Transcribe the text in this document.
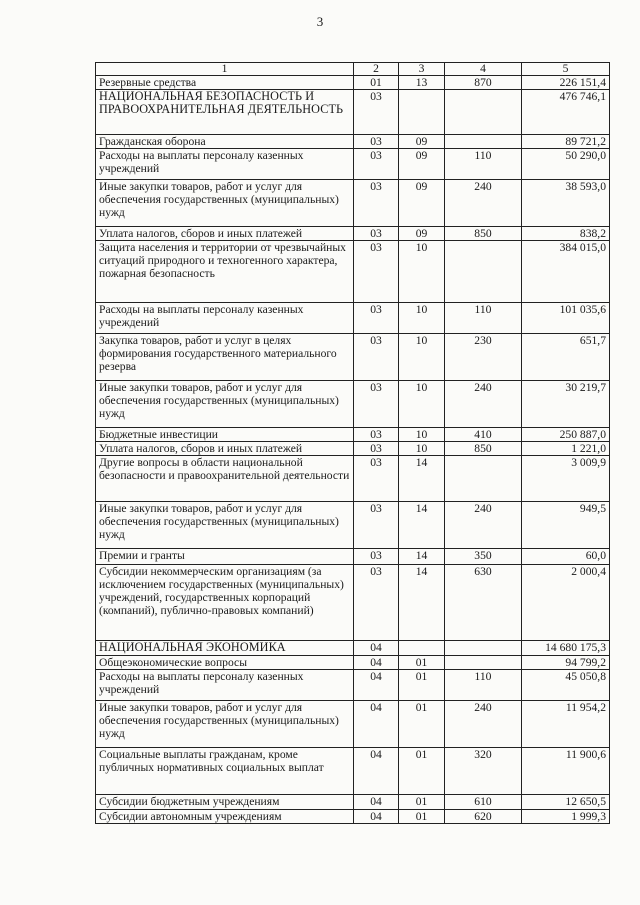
3
1	2	3	4	5
Резервные средства	01	13	870	226 151,4
НАЦИОНАЛЬНАЯ БЕЗОПАСНОСТЬ И ПРАВООХРАНИТЕЛЬНАЯ ДЕЯТЕЛЬНОСТЬ	03			476 746,1
Гражданская оборона	03	09		89 721,2
Расходы на выплаты персоналу казенных учреждений	03	09	110	50 290,0
Иные закупки товаров, работ и услуг для обеспечения государственных (муниципальных) нужд	03	09	240	38 593,0
Уплата налогов, сборов и иных платежей	03	09	850	838,2
Защита населения и территории от чрезвычайных ситуаций природного и техногенного характера, пожарная безопасность	03	10		384 015,0
Расходы на выплаты персоналу казенных учреждений	03	10	110	101 035,6
Закупка товаров, работ и услуг в целях формирования государственного материального резерва	03	10	230	651,7
Иные закупки товаров, работ и услуг для обеспечения государственных (муниципальных) нужд	03	10	240	30 219,7
Бюджетные инвестиции	03	10	410	250 887,0
Уплата налогов, сборов и иных платежей	03	10	850	1 221,0
Другие вопросы в области национальной безопасности и правоохранительной деятельности	03	14		3 009,9
Иные закупки товаров, работ и услуг для обеспечения государственных (муниципальных) нужд	03	14	240	949,5
Премии и гранты	03	14	350	60,0
Субсидии некоммерческим организациям (за исключением государственных (муниципальных) учреждений, государственных корпораций (компаний), публично-правовых компаний)	03	14	630	2 000,4
НАЦИОНАЛЬНАЯ ЭКОНОМИКА	04			14 680 175,3
Общеэкономические вопросы	04	01		94 799,2
Расходы на выплаты персоналу казенных учреждений	04	01	110	45 050,8
Иные закупки товаров, работ и услуг для обеспечения государственных (муниципальных) нужд	04	01	240	11 954,2
Социальные выплаты гражданам, кроме публичных нормативных социальных выплат	04	01	320	11 900,6
Субсидии бюджетным учреждениям	04	01	610	12 650,5
Субсидии автономным учреждениям	04	01	620	1 999,3
